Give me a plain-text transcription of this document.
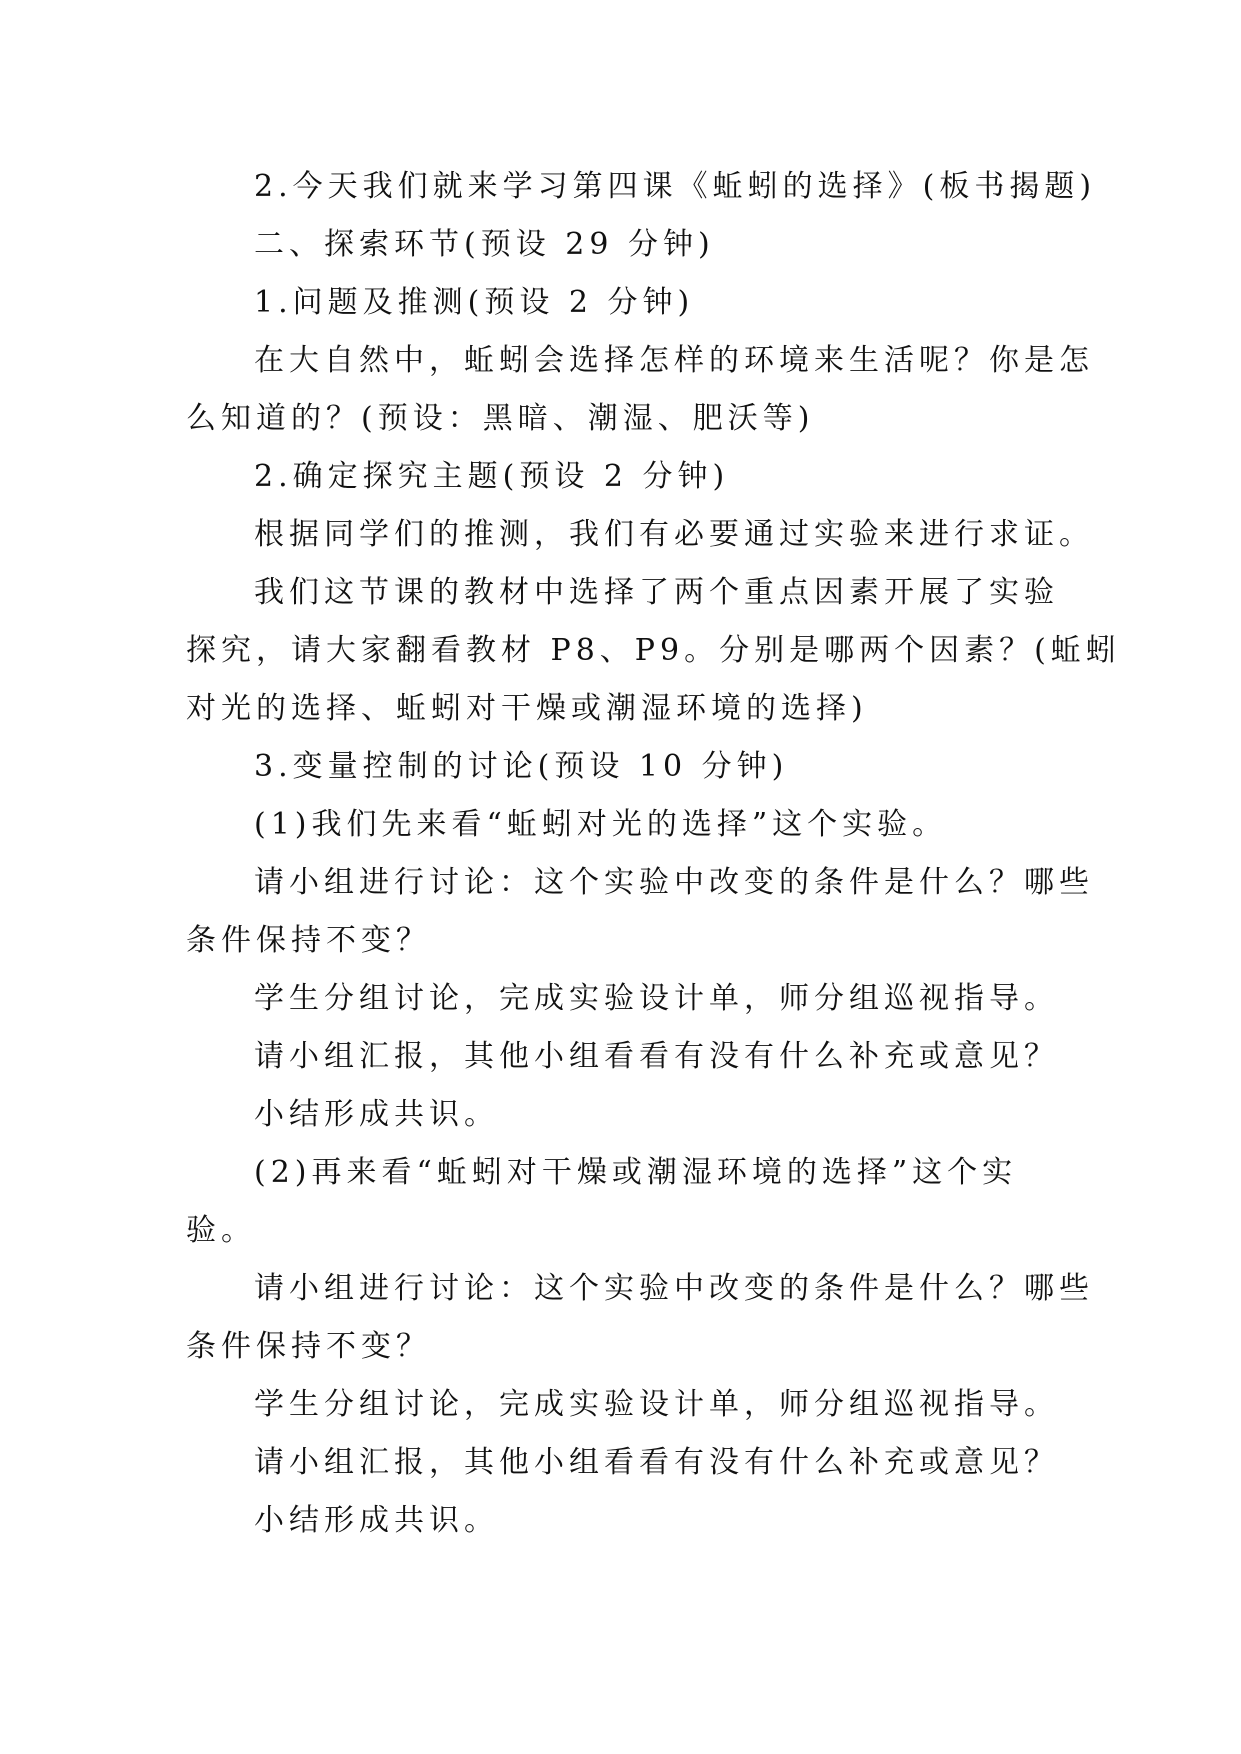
2.今天我们就来学习第四课《蚯蚓的选择》(板书揭题)
二、探索环节(预设 29 分钟)
1.问题及推测(预设 2 分钟)
在大自然中，蚯蚓会选择怎样的环境来生活呢？你是怎
么知道的？(预设：黑暗、潮湿、肥沃等)
2.确定探究主题(预设 2 分钟)
根据同学们的推测，我们有必要通过实验来进行求证。
我们这节课的教材中选择了两个重点因素开展了实验
探究，请大家翻看教材 P8、P9。分别是哪两个因素？(蚯蚓
对光的选择、蚯蚓对干燥或潮湿环境的选择)
3.变量控制的讨论(预设 10 分钟)
(1)我们先来看“蚯蚓对光的选择”这个实验。
请小组进行讨论：这个实验中改变的条件是什么？哪些
条件保持不变？
学生分组讨论，完成实验设计单，师分组巡视指导。
请小组汇报，其他小组看看有没有什么补充或意见？
小结形成共识。
(2)再来看“蚯蚓对干燥或潮湿环境的选择”这个实
验。
请小组进行讨论：这个实验中改变的条件是什么？哪些
条件保持不变？
学生分组讨论，完成实验设计单，师分组巡视指导。
请小组汇报，其他小组看看有没有什么补充或意见？
小结形成共识。
